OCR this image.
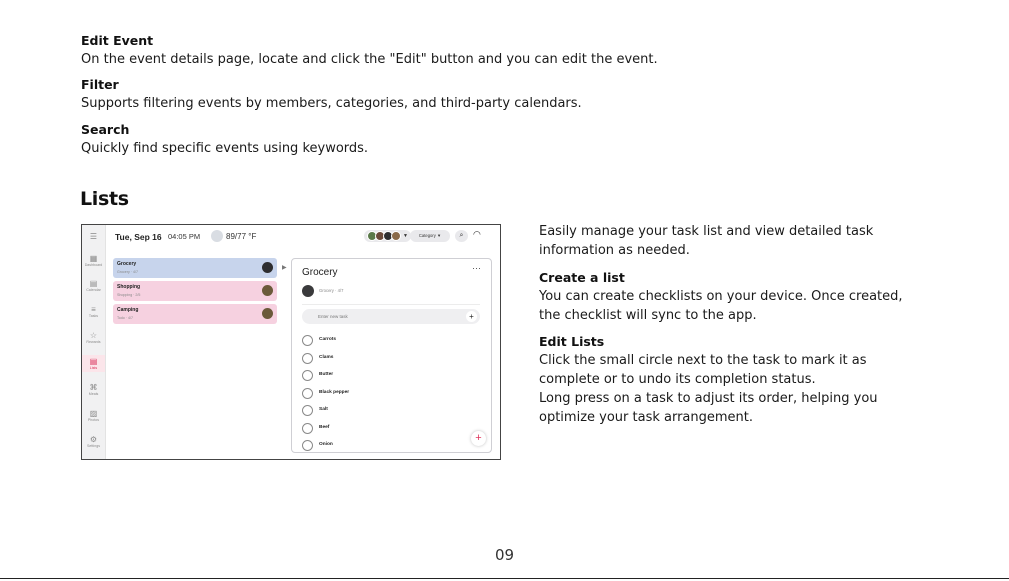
Edit Event
On the event details page, locate and click the "Edit" button and you can edit the event.
Filter
Supports filtering events by members, categories, and third-party calendars.
Search
Quickly find specific events using keywords.
Lists
☰
▦
Dashboard
▤
Calendar
≡
Tasks
☆
Rewards
▤
Lists
⌘
Meals
▨
Photos
⚙
Settings
Tue, Sep 16 04:05 PM	89/77 °F	▼	Category ▼	⌕	◠
Grocery
Grocery · 4/7
Shopping
Shopping · 2/5
Camping
Todo · 4/7
▶ Grocery	···
Grocery · 4/7
Enter new task	+
Carrots
Clams
Butter
Black pepper
Salt
Beef
Onion
+
Easily manage your task list and view detailed task
information as needed.
Create a list
You can create checklists on your device. Once created,
the checklist will sync to the app.
Edit Lists
Click the small circle next to the task to mark it as
complete or to undo its completion status.
Long press on a task to adjust its order, helping you
optimize your task arrangement.
09
